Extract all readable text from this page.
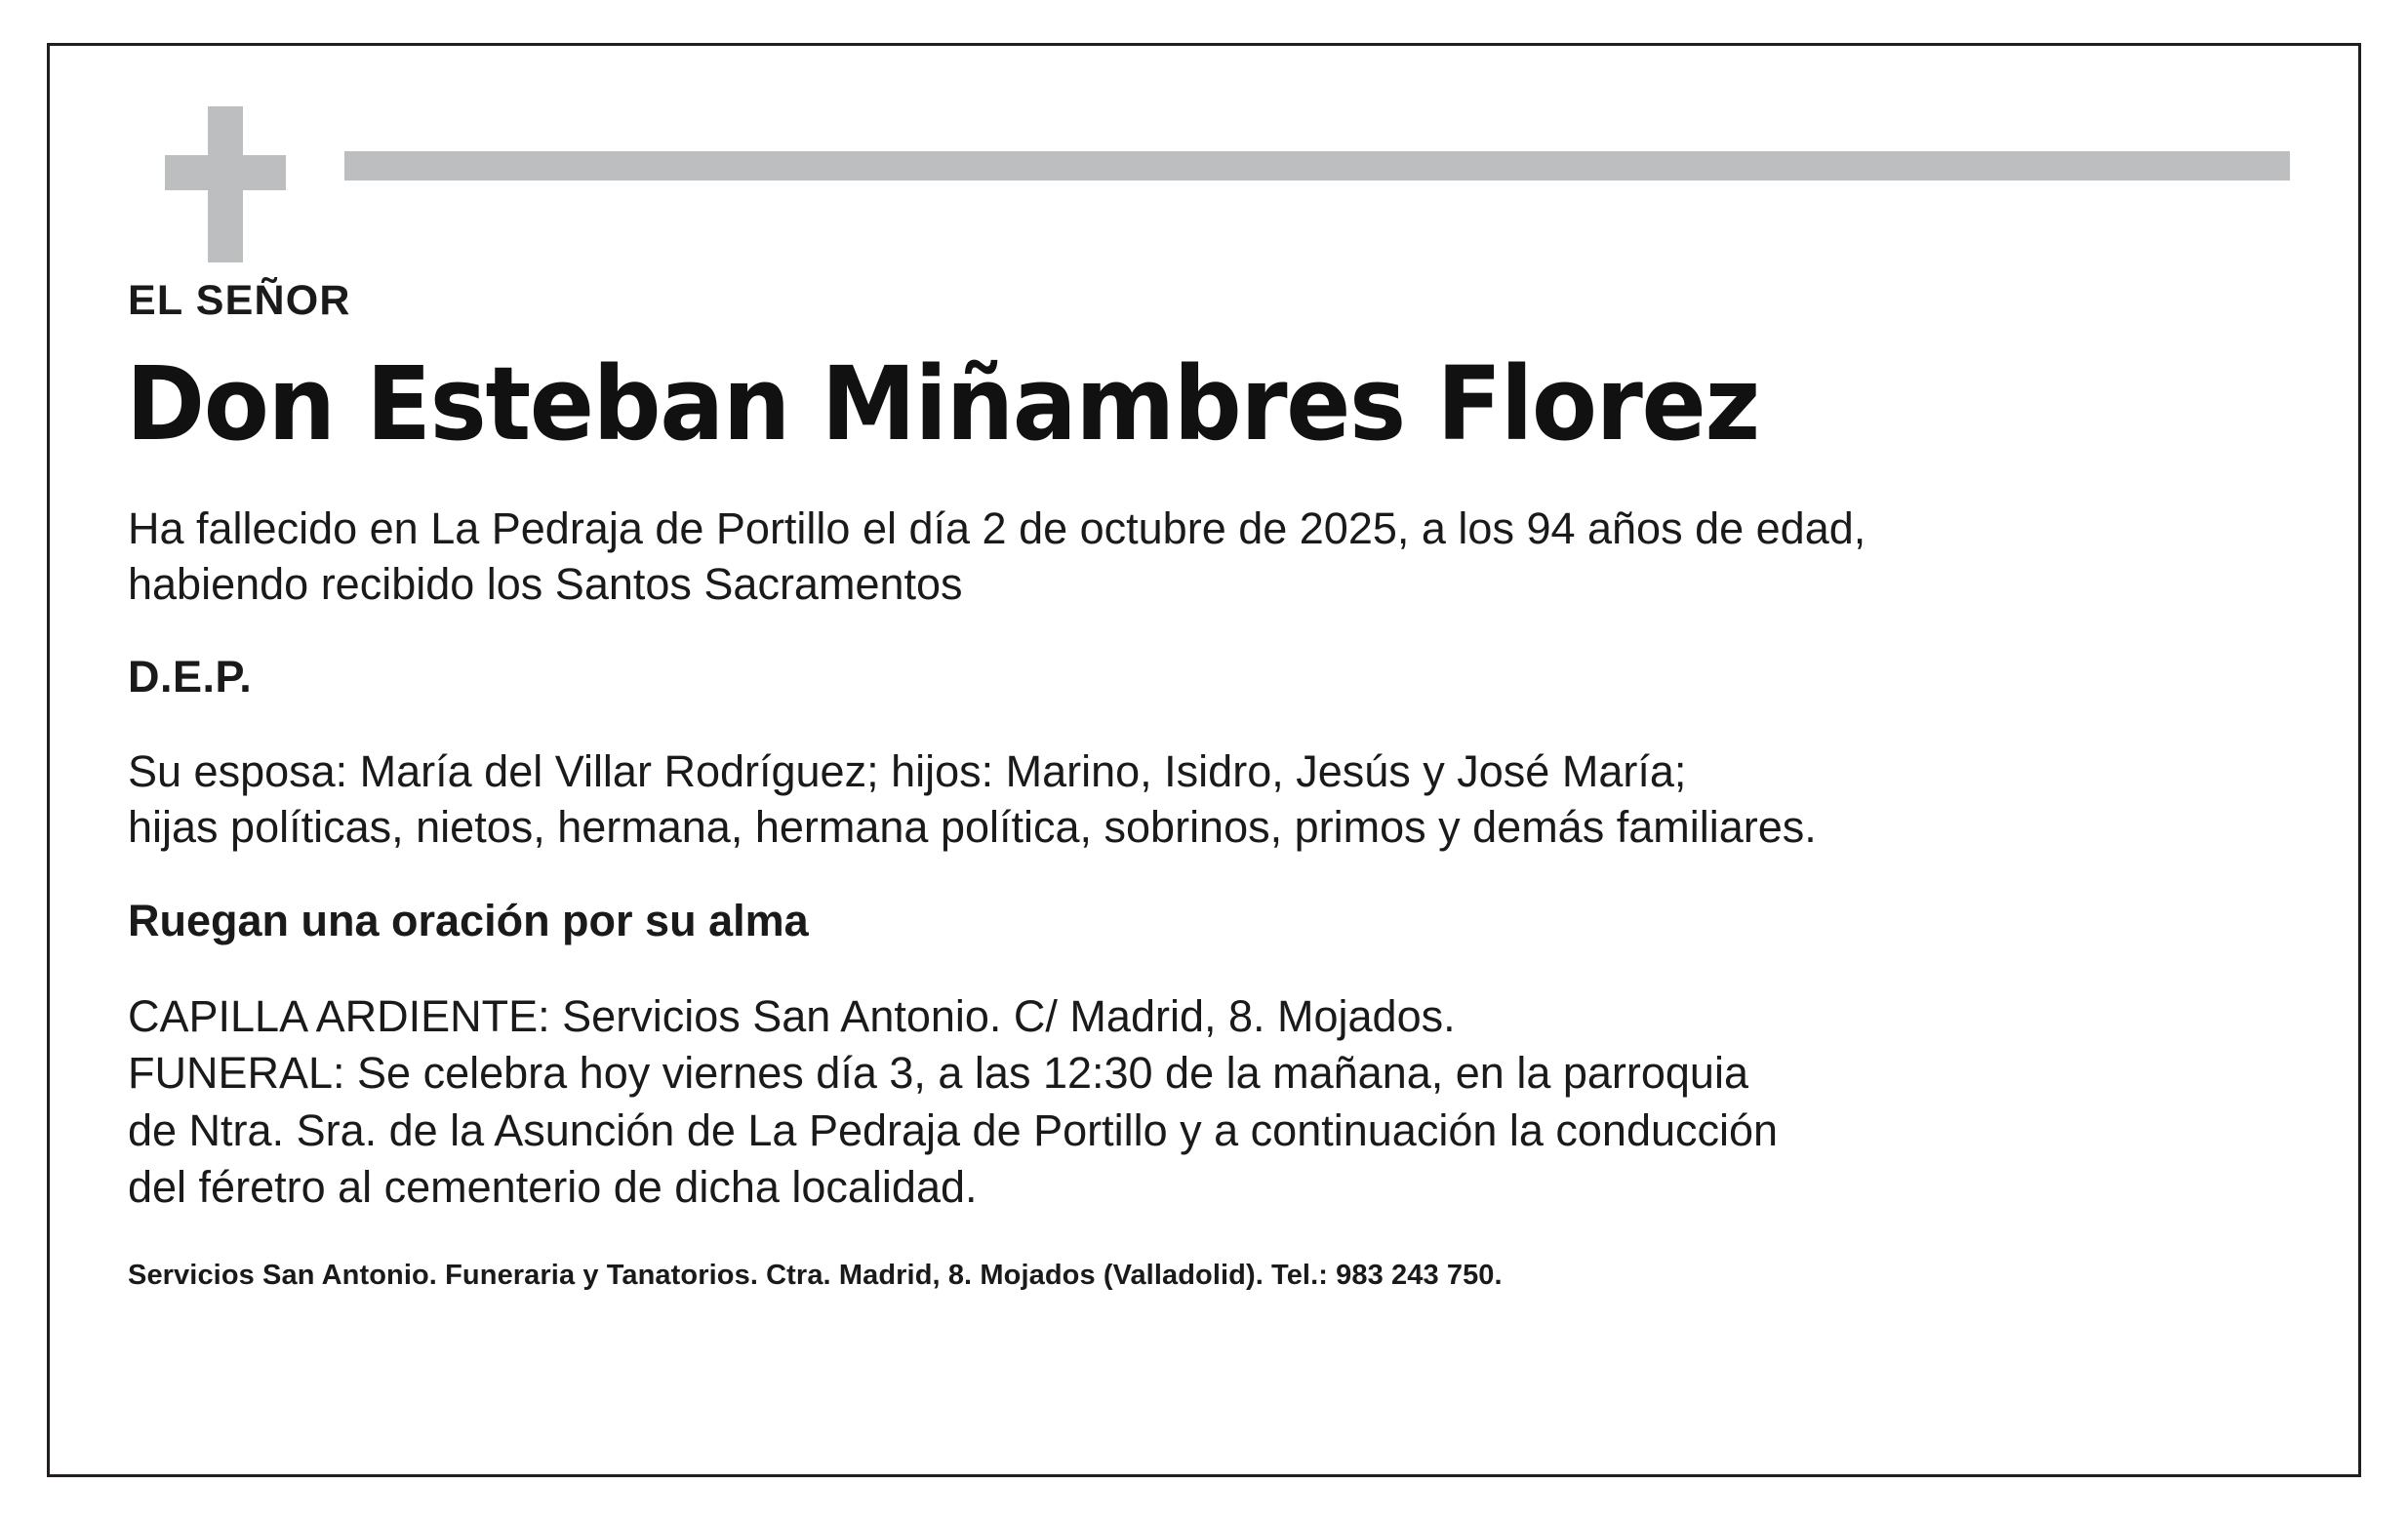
EL SEÑOR
Don Esteban Miñambres Florez

Ha fallecido en La Pedraja de Portillo el día 2 de octubre de 2025, a los 94 años de edad,
habiendo recibido los Santos Sacramentos

D.E.P.

Su esposa: María del Villar Rodríguez; hijos: Marino, Isidro, Jesús y José María;
hijas políticas, nietos, hermana, hermana política, sobrinos, primos y demás familiares.

Ruegan una oración por su alma

CAPILLA ARDIENTE: Servicios San Antonio. C/ Madrid, 8. Mojados.
FUNERAL: Se celebra hoy viernes día 3, a las 12:30 de la mañana, en la parroquia
de Ntra. Sra. de la Asunción de La Pedraja de Portillo y a continuación la conducción
del féretro al cementerio de dicha localidad.
Servicios San Antonio. Funeraria y Tanatorios. Ctra. Madrid, 8. Mojados (Valladolid). Tel.: 983 243 750.
